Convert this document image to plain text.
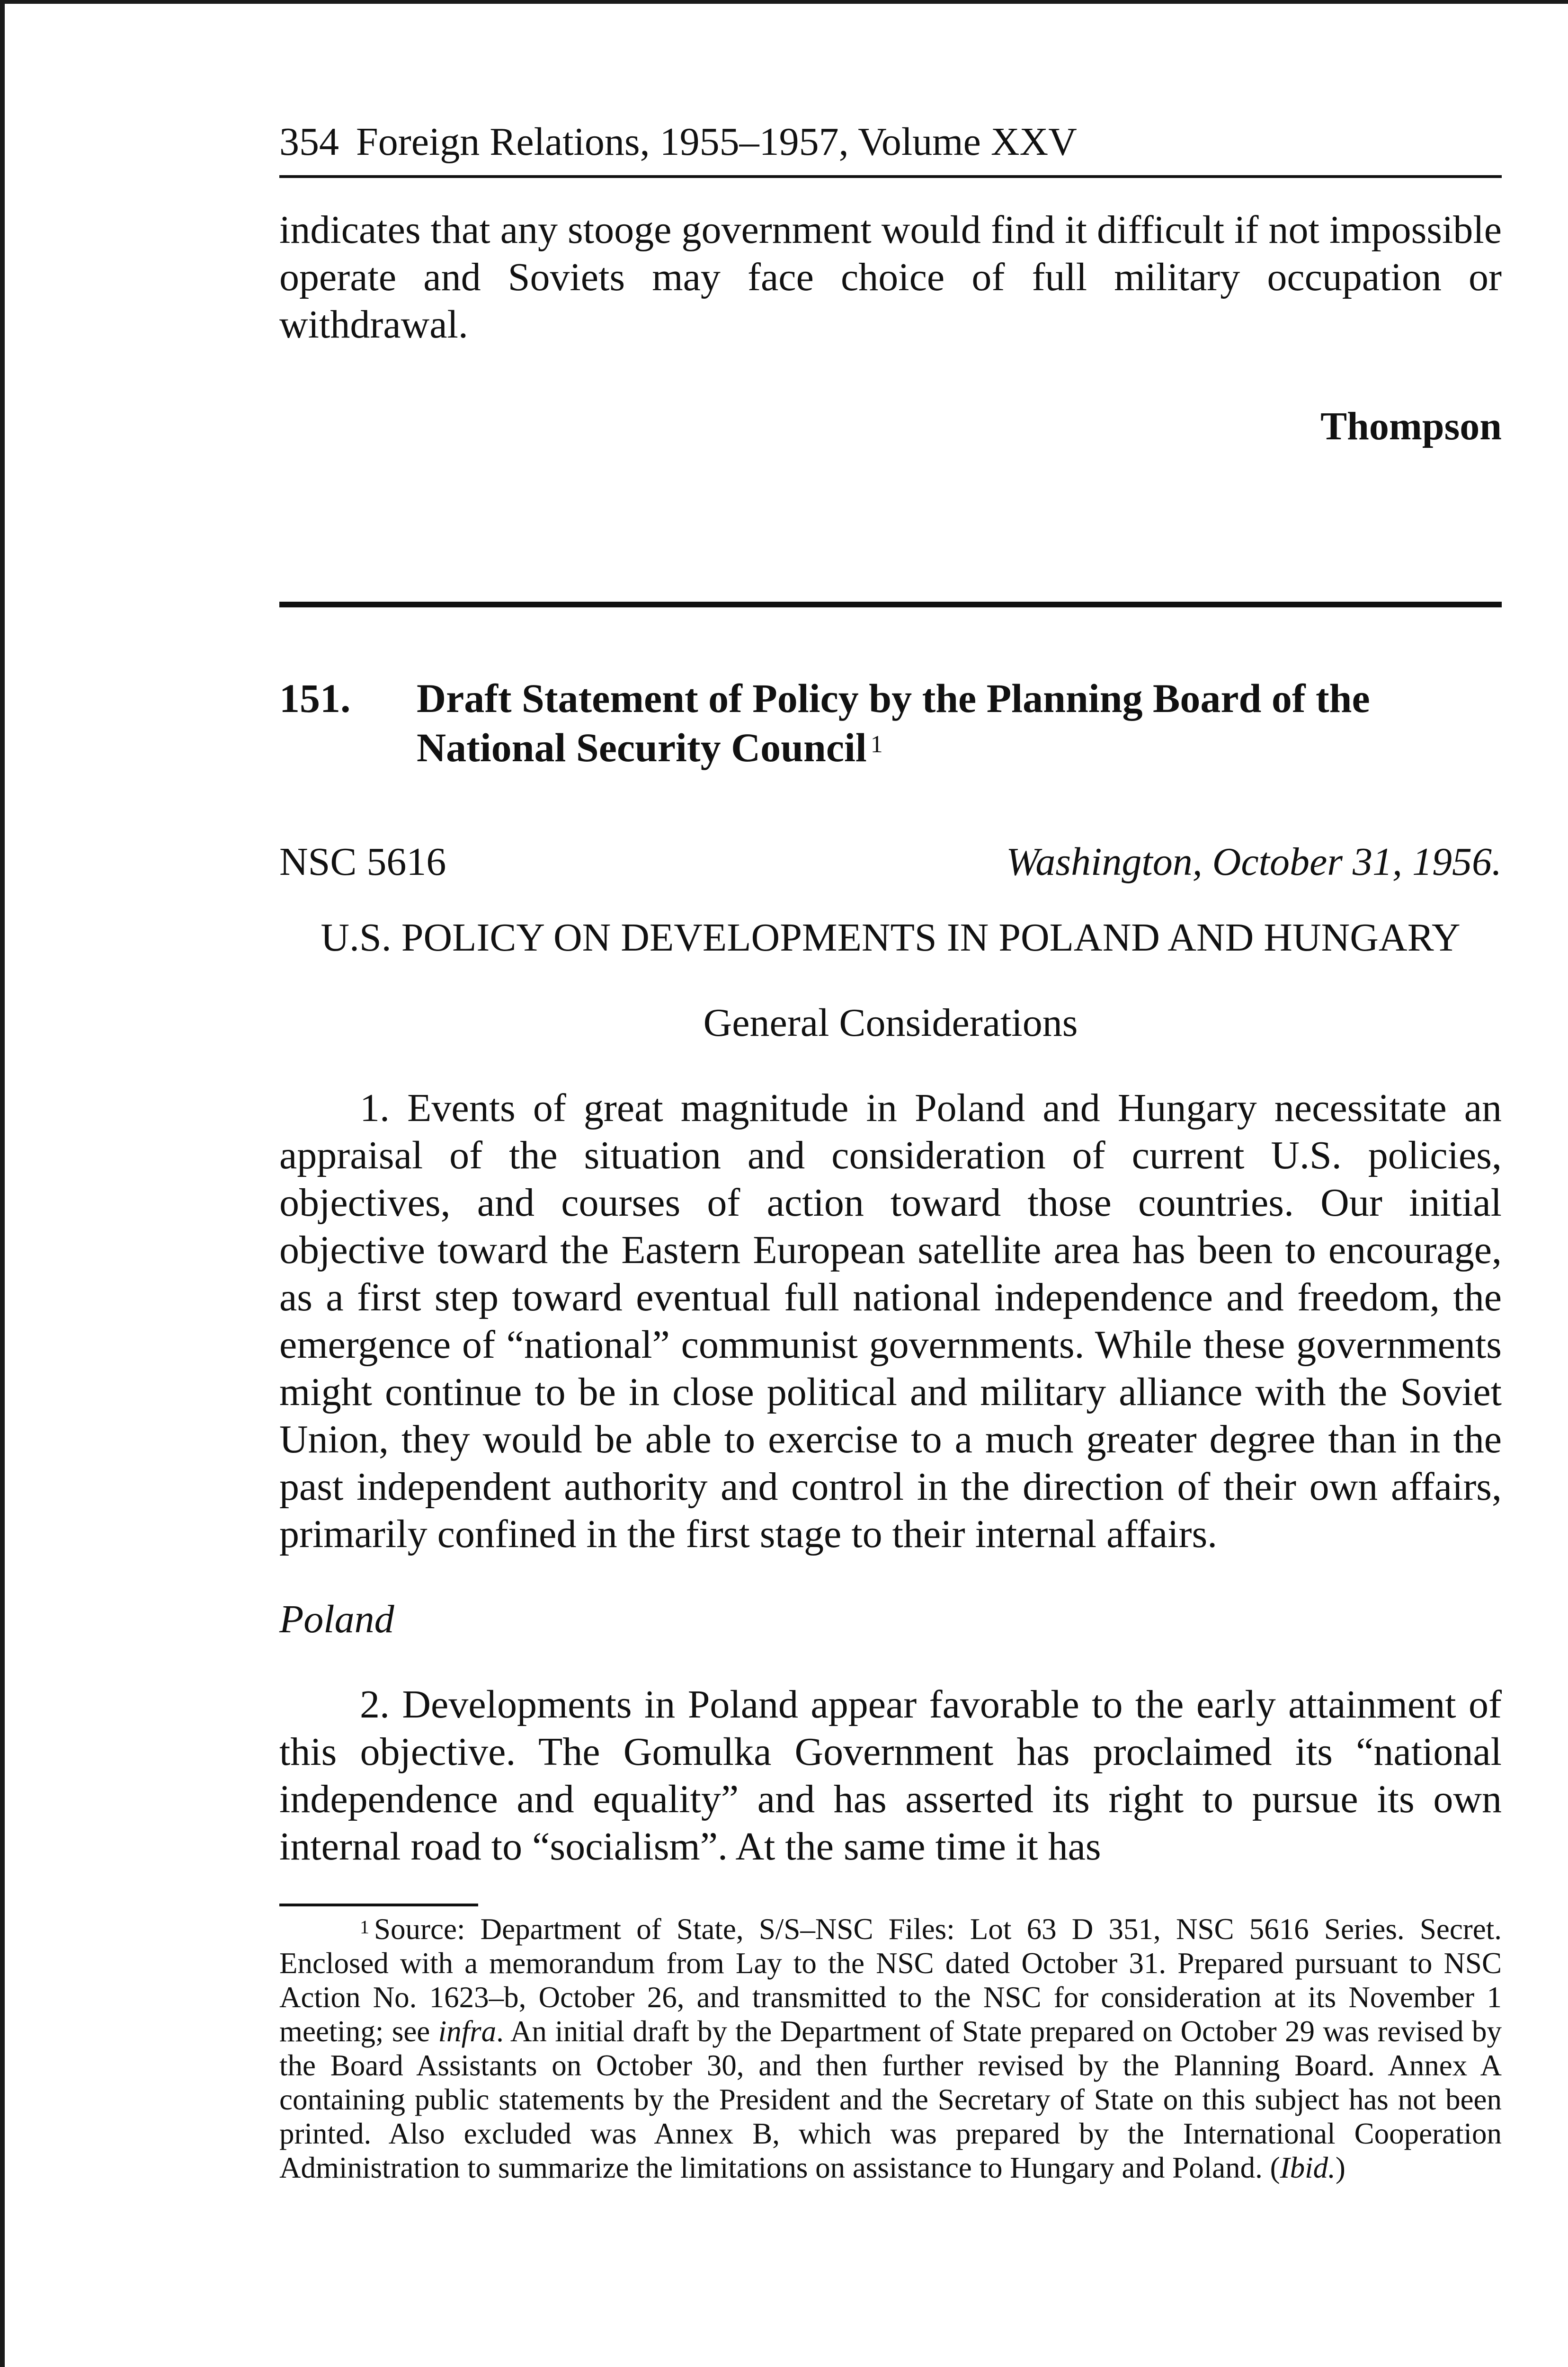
354 Foreign Relations, 1955–1957, Volume XXV

indicates that any stooge government would find it difficult if not impossible operate and Soviets may face choice of full military occupation or withdrawal.

Thompson
151.	Draft Statement of Policy by the Planning Board of the National Security Council $^1$
NSC 5616	Washington, October 31, 1956.
U.S. POLICY ON DEVELOPMENTS IN POLAND AND HUNGARY
General Considerations

1. Events of great magnitude in Poland and Hungary necessitate an appraisal of the situation and consideration of current U.S. policies, objectives, and courses of action toward those countries. Our initial objective toward the Eastern European satellite area has been to encourage, as a first step toward eventual full national independence and freedom, the emergence of “national” communist governments. While these governments might continue to be in close political and military alliance with the Soviet Union, they would be able to exercise to a much greater degree than in the past independent authority and control in the direction of their own affairs, primarily confined in the first stage to their internal affairs.

Poland

2. Developments in Poland appear favorable to the early attainment of this objective. The Gomulka Government has proclaimed its “national independence and equality” and has asserted its right to pursue its own internal road to “socialism”. At the same time it has

$^1$ Source: Department of State, S/S–NSC Files: Lot 63 D 351, NSC 5616 Series. Secret. Enclosed with a memorandum from Lay to the NSC dated October 31. Prepared pursuant to NSC Action No. 1623–b, October 26, and transmitted to the NSC for consideration at its November 1 meeting; see infra. An initial draft by the Department of State prepared on October 29 was revised by the Board Assistants on October 30, and then further revised by the Planning Board. Annex A containing public statements by the President and the Secretary of State on this subject has not been printed. Also excluded was Annex B, which was prepared by the International Cooperation Administration to summarize the limitations on assistance to Hungary and Poland. (Ibid.)
